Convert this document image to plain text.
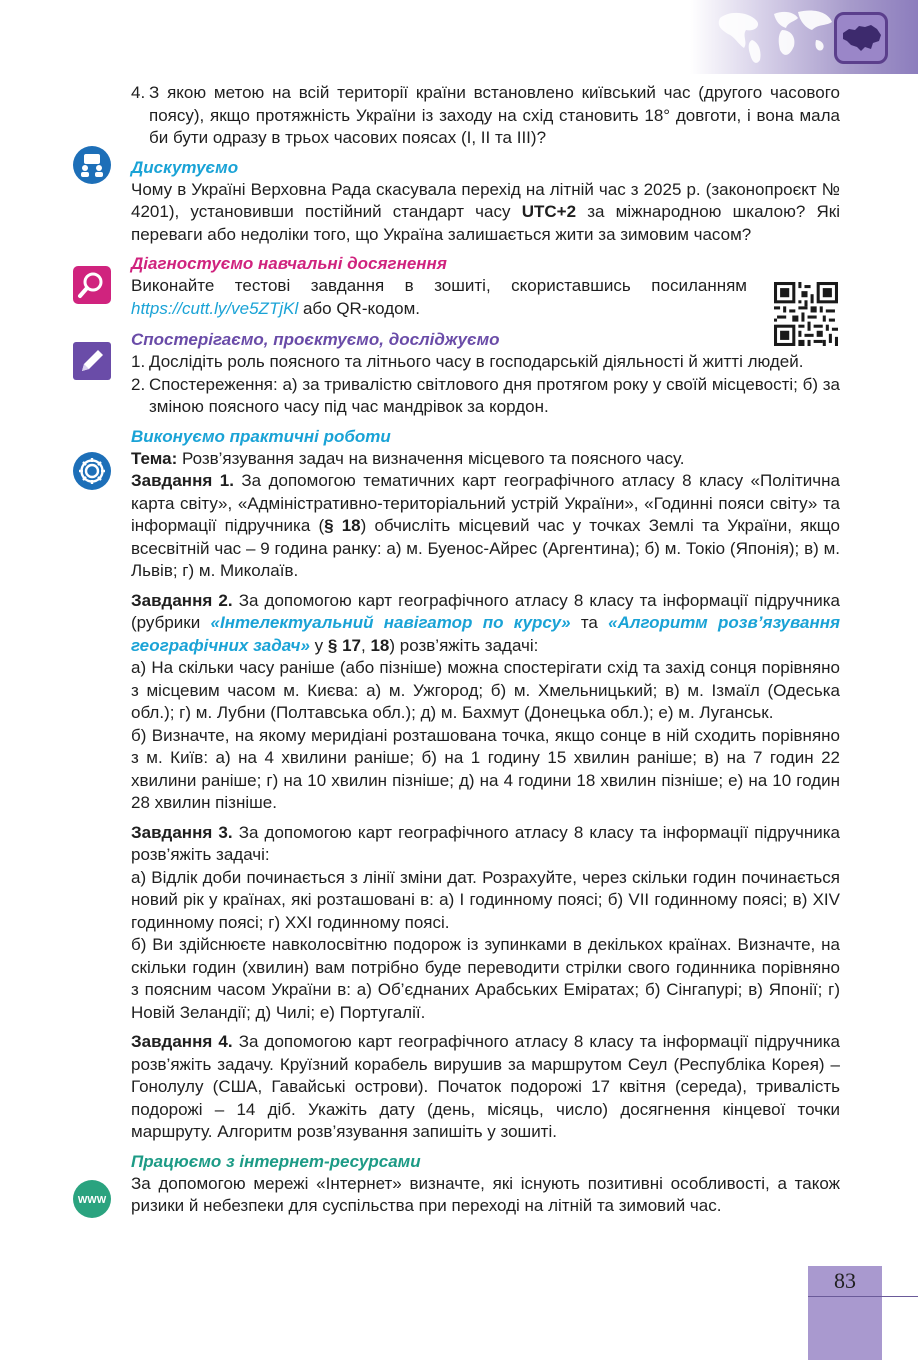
WWW
4. З якою метою на всій території країни встановлено київський час (другого часового поясу), якщо протяжність України із заходу на схід становить 18° довготи, і вона мала би бути одразу в трьох часових поясах (I, II та III)?

Дискутуємо

Чому в Україні Верховна Рада скасувала перехід на літній час з 2025 р. (законопроєкт № 4201), установивши постійний стандарт часу UTC+2 за міжнародною шкалою? Які переваги або недоліки того, що Україна залишається жити за зимовим часом?

Діагностуємо навчальні досягнення

Виконайте тестові завдання в зошиті, скориставшись посиланням https://cutt.ly/ve5ZTjKl або QR-кодом.

Спостерігаємо, проєктуємо, досліджуємо

1. Дослідіть роль поясного та літнього часу в господарській діяльності й житті людей.
2. Спостереження: а) за тривалістю світлового дня протягом року у своїй місцевості; б) за зміною поясного часу під час мандрівок за кордон.

Виконуємо практичні роботи

Тема: Розв’язування задач на визначення місцевого та поясного часу.

Завдання 1. За допомогою тематичних карт географічного атласу 8 класу «Політична карта світу», «Адміністративно-територіальний устрій України», «Годинні пояси світу» та інформації підручника (§ 18) обчисліть місцевий час у точках Землі та України, якщо всесвітній час – 9 година ранку: а) м. Буенос-Айрес (Аргентина); б) м. Токіо (Японія); в) м. Львів; г) м. Миколаїв.

Завдання 2. За допомогою карт географічного атласу 8 класу та інформації підручника (рубрики «Інтелектуальний навігатор по курсу» та «Алгоритм розв’язування географічних задач» у § 17, 18) розв’яжіть задачі:

а) На скільки часу раніше (або пізніше) можна спостерігати схід та захід сонця порівняно з місцевим часом м. Києва: а) м. Ужгород; б) м. Хмельницький; в) м. Ізмаїл (Одеська обл.); г) м. Лубни (Полтавська обл.); д) м. Бахмут (Донецька обл.); е) м. Луганськ.

б) Визначте, на якому меридіані розташована точка, якщо сонце в ній сходить порівняно з м. Київ: а) на 4 хвилини раніше; б) на 1 годину 15 хвилин раніше; в) на 7 годин 22 хвилини раніше; г) на 10 хвилин пізніше; д) на 4 години 18 хвилин пізніше; е) на 10 годин 28 хвилин пізніше.

Завдання 3. За допомогою карт географічного атласу 8 класу та інформації підручника розв’яжіть задачі:

а) Відлік доби починається з лінії зміни дат. Розрахуйте, через скільки годин починається новий рік у країнах, які розташовані в: а) I годинному поясі; б) VII годинному поясі; в) XIV годинному поясі; г) XXI годинному поясі.

б) Ви здійснюєте навколосвітню подорож із зупинками в декількох країнах. Визначте, на скільки годин (хвилин) вам потрібно буде переводити стрілки свого годинника порівняно з поясним часом України в: а) Об’єднаних Арабських Еміратах; б) Сінгапурі; в) Японії; г) Новій Зеландії; д) Чилі; е) Португалії.

Завдання 4. За допомогою карт географічного атласу 8 класу та інформації підручника розв’яжіть задачу. Круїзний корабель вирушив за маршрутом Сеул (Республіка Корея) – Гонолулу (США, Гавайські острови). Початок подорожі 17 квітня (середа), тривалість подорожі – 14 діб. Укажіть дату (день, місяць, число) досягнення кінцевої точки маршруту. Алгоритм розв’язування запишіть у зошиті.

Працюємо з інтернет-ресурсами

За допомогою мережі «Інтернет» визначте, які існують позитивні особливості, а також ризики й небезпеки для суспільства при переході на літній та зимовий час.

83
